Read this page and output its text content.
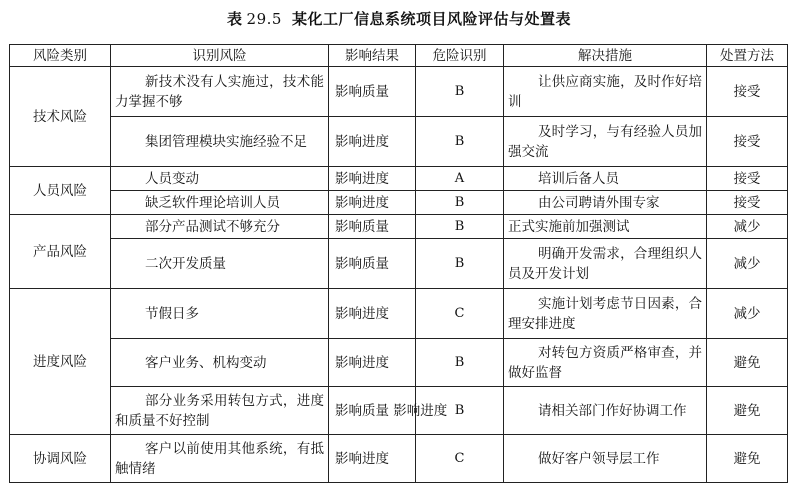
表 29.5 某化工厂信息系统项目风险评估与处置表
风险类别	识别风险	影响结果	危险识别	解决措施	处置方法
技术风险	新技术没有人实施过，技术能力掌握不够	影响质量	B	让供应商实施，及时作好培训	接受
	集团管理模块实施经验不足	影响进度	B	及时学习，与有经验人员加强交流	接受
人员风险	人员变动	影响进度	A	培训后备人员	接受
	缺乏软件理论培训人员	影响进度	B	由公司聘请外围专家	接受
产品风险	部分产品测试不够充分	影响质量	B	正式实施前加强测试	减少
	二次开发质量	影响质量	B	明确开发需求，合理组织人员及开发计划	减少
进度风险	节假日多	影响进度	C	实施计划考虑节日因素，合理安排进度	减少
	客户业务、机构变动	影响进度	B	对转包方资质严格审查，并做好监督	避免
	部分业务采用转包方式，进度和质量不好控制	影响质量 影响进度	B	请相关部门作好协调工作	避免
协调风险	客户以前使用其他系统，有抵触情绪	影响进度	C	做好客户领导层工作	避免
